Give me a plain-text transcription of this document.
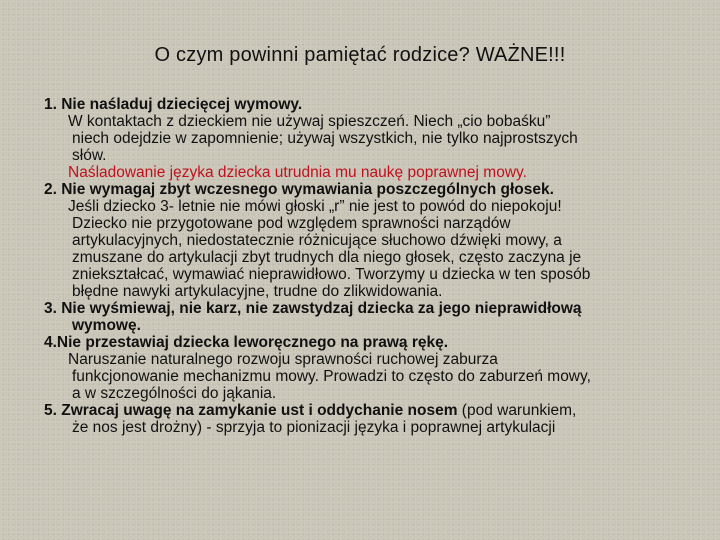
O czym powinni pamiętać rodzice? WAŻNE!!!
1. Nie naśladuj dziecięcej wymowy.
W kontaktach z dzieckiem nie używaj spieszczeń. Niech „cio bobaśku”
niech odejdzie w zapomnienie; używaj wszystkich, nie tylko najprostszych
słów.
Naśladowanie języka dziecka utrudnia mu naukę poprawnej mowy.
2. Nie wymagaj zbyt wczesnego wymawiania poszczególnych głosek.
Jeśli dziecko 3- letnie nie mówi głoski „r” nie jest to powód do niepokoju!
Dziecko nie przygotowane pod względem sprawności narządów
artykulacyjnych, niedostatecznie różnicujące słuchowo dźwięki mowy, a
zmuszane do artykulacji zbyt trudnych dla niego głosek, często zaczyna je
zniekształcać, wymawiać nieprawidłowo. Tworzymy u dziecka w ten sposób
błędne nawyki artykulacyjne, trudne do zlikwidowania.
3. Nie wyśmiewaj, nie karz, nie zawstydzaj dziecka za jego nieprawidłową
wymowę.
4.Nie przestawiaj dziecka leworęcznego na prawą rękę.
Naruszanie naturalnego rozwoju sprawności ruchowej zaburza
funkcjonowanie mechanizmu mowy. Prowadzi to często do zaburzeń mowy,
a w szczególności do jąkania.
5. Zwracaj uwagę na zamykanie ust i oddychanie nosem (pod warunkiem,
że nos jest drożny) - sprzyja to pionizacji języka i poprawnej artykulacji
